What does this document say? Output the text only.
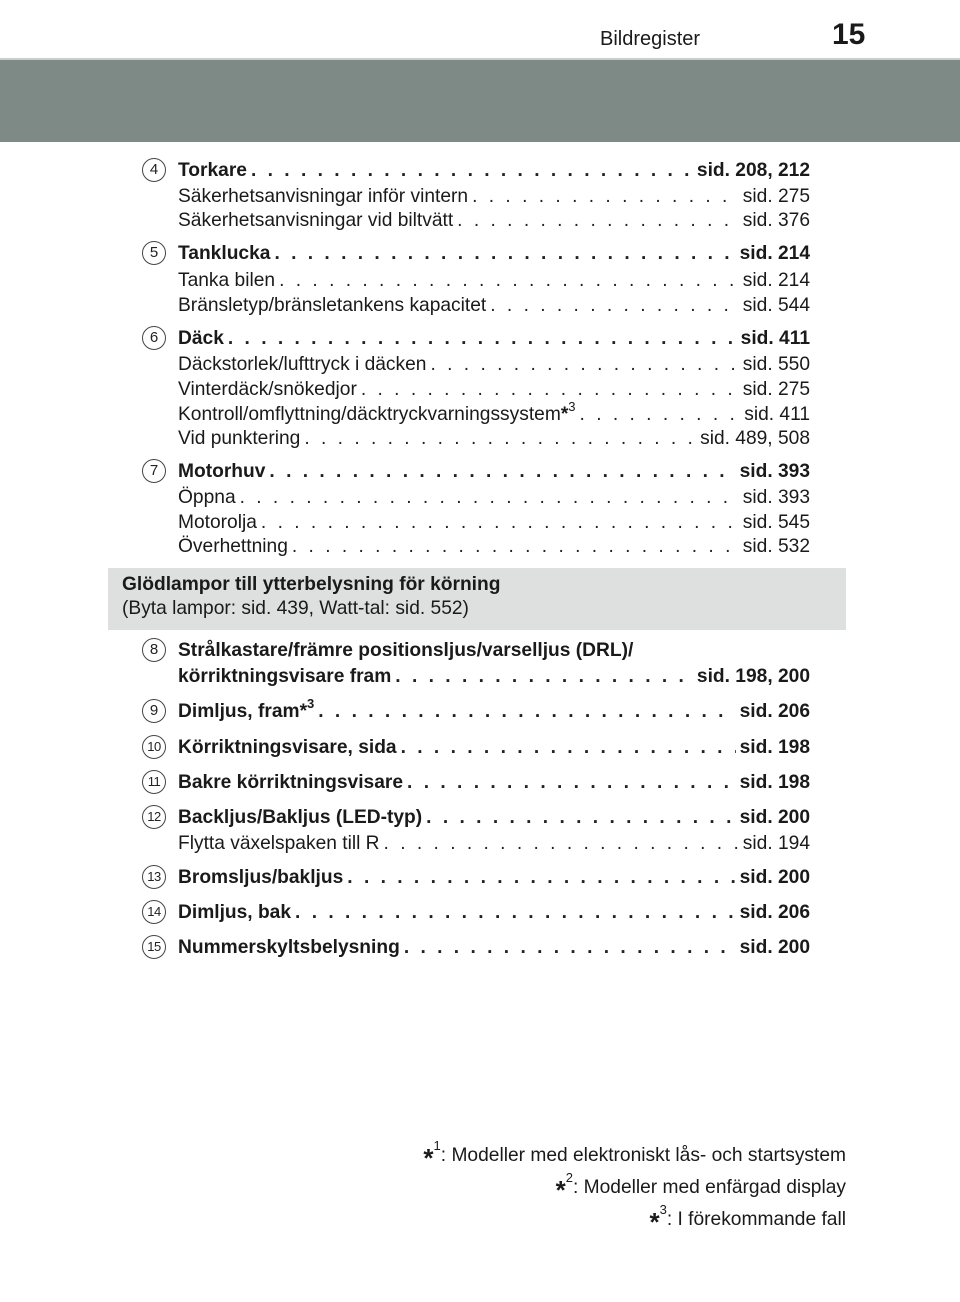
Bildregister	15
4	Torkare . . .	sid. 208, 212
Säkerhetsanvisningar inför vintern . . .	sid. 275
Säkerhetsanvisningar vid biltvätt . . .	sid. 376
5	Tanklucka . . .	sid. 214
Tanka bilen . . .	sid. 214
Bränsletyp/bränsletankens kapacitet . . .	sid. 544
6	Däck . . .	sid. 411
Däckstorlek/lufttryck i däcken . . .	sid. 550
Vinterdäck/snökedjor . . .	sid. 275
Kontroll/omflyttning/däcktryckvarningssystem*$^3$ . . .	sid. 411
Vid punktering . . .	sid. 489, 508
7	Motorhuv . . .	sid. 393
Öppna . . .	sid. 393
Motorolja . . .	sid. 545
Överhettning . . .	sid. 532
Glödlampor till ytterbelysning för körning
(Byta lampor: sid. 439, Watt-tal: sid. 552)
8	Strålkastare/främre positionsljus/varselljus (DRL)/
körriktningsvisare fram . . .	sid. 198, 200
9	Dimljus, fram*$^3$ . . .	sid. 206
10 Körriktningsvisare, sida . . .	sid. 198
11 Bakre körriktningsvisare . . .	sid. 198
12 Backljus/Bakljus (LED-typ) . . .	sid. 200
Flytta växelspaken till R . . .	sid. 194
13 Bromsljus/bakljus . . .	sid. 200
14 Dimljus, bak . . .	sid. 206
15 Nummerskyltsbelysning . . .	sid. 200
*$^1$: Modeller med elektroniskt lås- och startsystem
*$^2$: Modeller med enfärgad display
*$^3$: I förekommande fall
